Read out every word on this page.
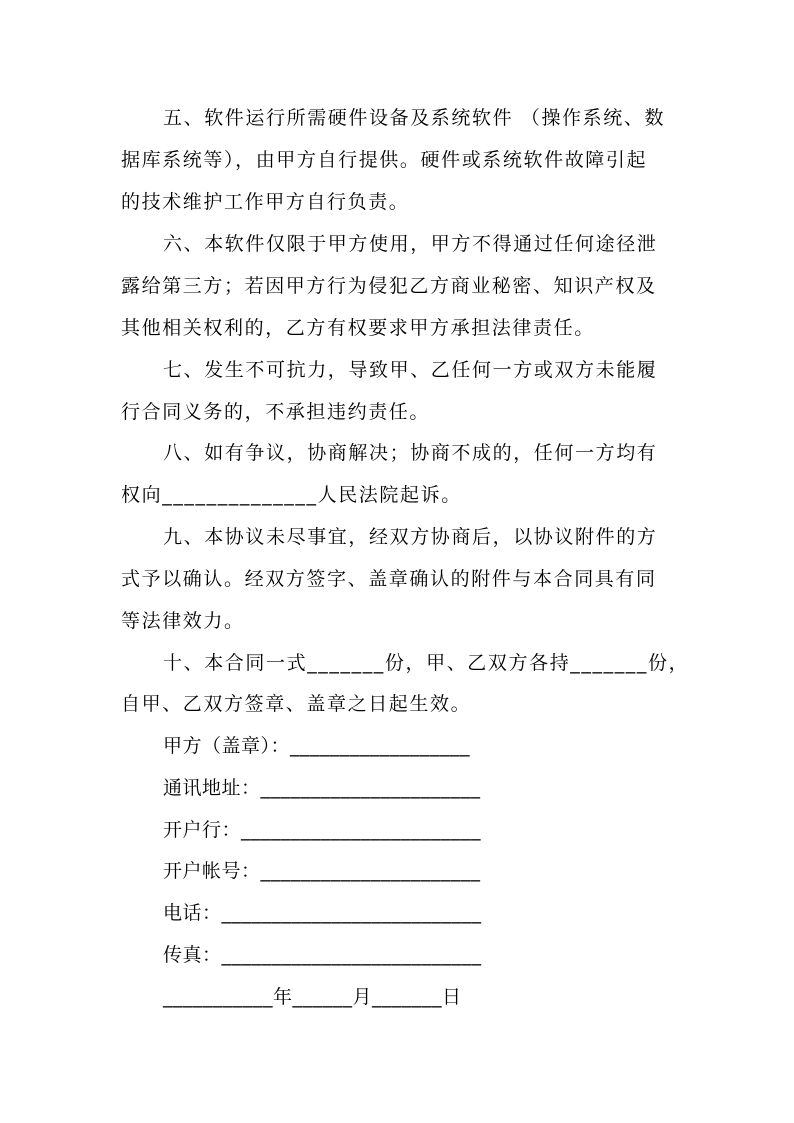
五、软件运行所需硬件设备及系统软件 （操作系统、数
据库系统等），由甲方自行提供。硬件或系统软件故障引起
的技术维护工作甲方自行负责。
六、本软件仅限于甲方使用，甲方不得通过任何途径泄
露给第三方；若因甲方行为侵犯乙方商业秘密、知识产权及
其他相关权利的，乙方有权要求甲方承担法律责任。
七、发生不可抗力，导致甲、乙任何一方或双方未能履
行合同义务的，不承担违约责任。
八、如有争议，协商解决；协商不成的，任何一方均有
权向______________人民法院起诉。
九、本协议未尽事宜，经双方协商后，以协议附件的方
式予以确认。经双方签字、盖章确认的附件与本合同具有同
等法律效力。
十、本合同一式_______份，甲、乙双方各持_______份，
自甲、乙双方签章、盖章之日起生效。
甲方（盖章）：__________________
通讯地址：______________________
开户行：________________________
开户帐号：______________________
电话：__________________________
传真：__________________________
___________年______月_______日
